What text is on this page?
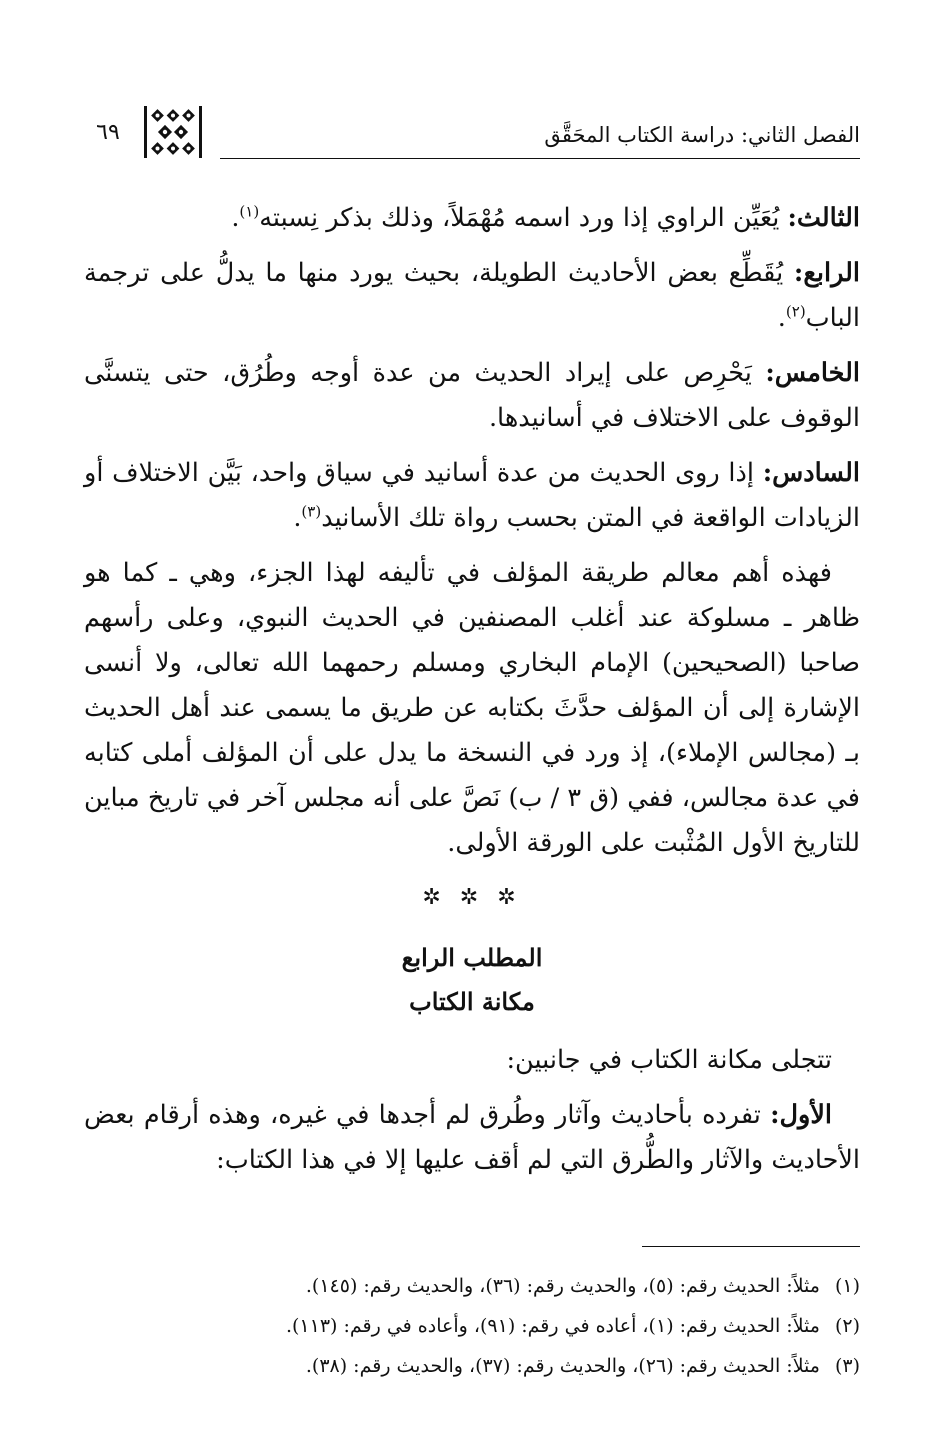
الفصل الثاني: دراسة الكتاب المحَقَّق
٦٩

الثالث: يُعَيِّن الراوي إذا ورد اسمه مُهْمَلاً، وذلك بذكر نِسبته$^{(١)}$.

الرابع: يُقَطِّع بعض الأحاديث الطويلة، بحيث يورد منها ما يدلُّ على ترجمة الباب$^{(٢)}$.

الخامس: يَحْرِص على إيراد الحديث من عدة أوجه وطُرُق، حتى يتسنَّى الوقوف على الاختلاف في أسانيدها.

السادس: إذا روى الحديث من عدة أسانيد في سياق واحد، بَيَّن الاختلاف أو الزيادات الواقعة في المتن بحسب رواة تلك الأسانيد$^{(٣)}$.

فهذه أهم معالم طريقة المؤلف في تأليفه لهذا الجزء، وهي ـ كما هو ظاهر ـ مسلوكة عند أغلب المصنفين في الحديث النبوي، وعلى رأسهم صاحبا (الصحيحين) الإمام البخاري ومسلم رحمهما الله تعالى، ولا أنسى الإشارة إلى أن المؤلف حدَّثَ بكتابه عن طريق ما يسمى عند أهل الحديث بـ (مجالس الإملاء)، إذ ورد في النسخة ما يدل على أن المؤلف أملى كتابه في عدة مجالس، ففي (ق ٣ / ب) نَصَّ على أنه مجلس آخر في تاريخ مباين للتاريخ الأول المُثْبت على الورقة الأولى.

✲ ✲ ✲

المطلب الرابع

مكانة الكتاب

تتجلى مكانة الكتاب في جانبين:

الأول: تفرده بأحاديث وآثار وطُرق لم أجدها في غيره، وهذه أرقام بعض الأحاديث والآثار والطُّرق التي لم أقف عليها إلا في هذا الكتاب:

(١) مثلاً: الحديث رقم: (٥)، والحديث رقم: (٣٦)، والحديث رقم: (١٤٥).
(٢) مثلاً: الحديث رقم: (١)، أعاده في رقم: (٩١)، وأعاده في رقم: (١١٣).
(٣) مثلاً: الحديث رقم: (٢٦)، والحديث رقم: (٣٧)، والحديث رقم: (٣٨).
